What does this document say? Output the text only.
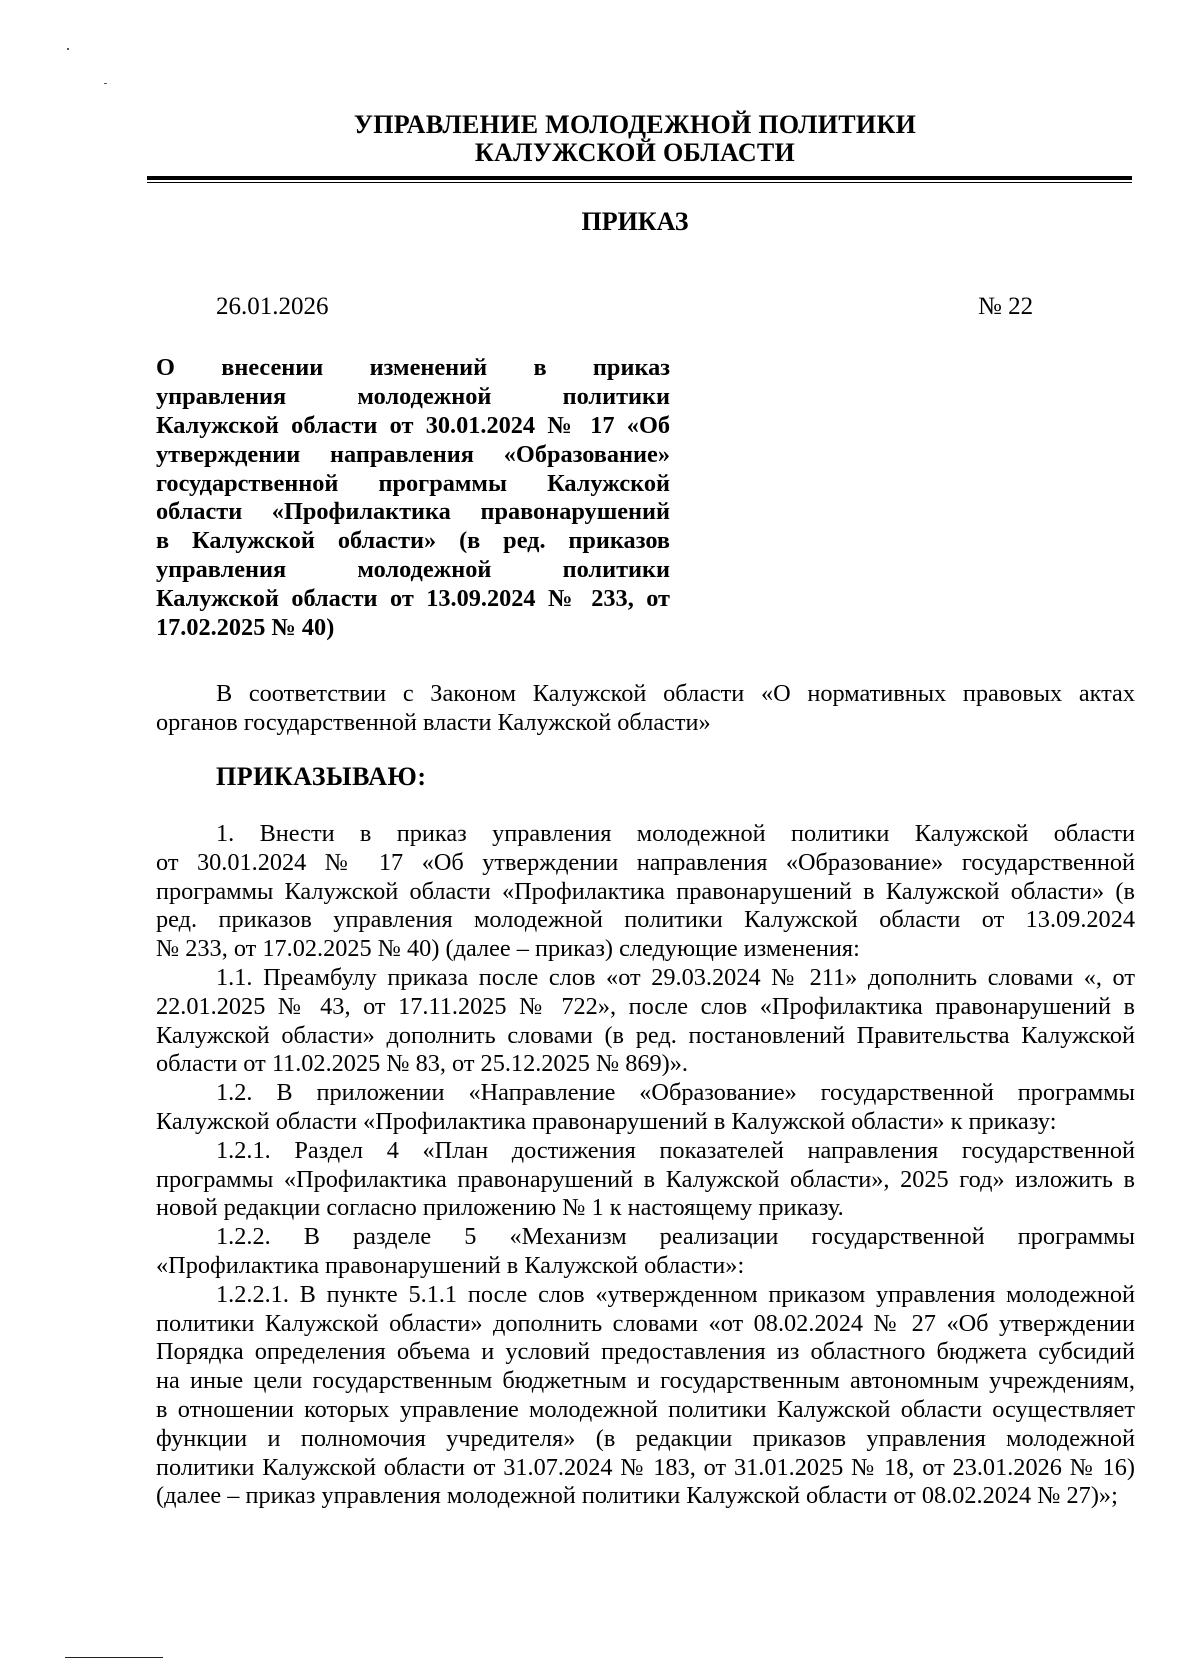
УПРАВЛЕНИЕ МОЛОДЕЖНОЙ ПОЛИТИКИ
КАЛУЖСКОЙ ОБЛАСТИ
ПРИКАЗ
26.01.2026	№ 22
О внесении изменений в приказ
управления молодежной политики
Калужской области от 30.01.2024 № 17 «Об
утверждении направления «Образование»
государственной программы Калужской
области «Профилактика правонарушений
в Калужской области» (в ред. приказов
управления молодежной политики
Калужской области от 13.09.2024 № 233, от
17.02.2025 № 40)
В соответствии с Законом Калужской области «О нормативных правовых актах
органов государственной власти Калужской области»
ПРИКАЗЫВАЮ:
1. Внести в приказ управления молодежной политики Калужской области
от 30.01.2024 № 17 «Об утверждении направления «Образование» государственной
программы Калужской области «Профилактика правонарушений в Калужской области» (в
ред. приказов управления молодежной политики Калужской области от 13.09.2024
№ 233, от 17.02.2025 № 40) (далее – приказ) следующие изменения:
1.1. Преамбулу приказа после слов «от 29.03.2024 № 211» дополнить словами «, от
22.01.2025 № 43, от 17.11.2025 № 722», после слов «Профилактика правонарушений в
Калужской области» дополнить словами (в ред. постановлений Правительства Калужской
области от 11.02.2025 № 83, от 25.12.2025 № 869)».
1.2. В приложении «Направление «Образование» государственной программы
Калужской области «Профилактика правонарушений в Калужской области» к приказу:
1.2.1. Раздел 4 «План достижения показателей направления государственной
программы «Профилактика правонарушений в Калужской области», 2025 год» изложить в
новой редакции согласно приложению № 1 к настоящему приказу.
1.2.2. В разделе 5 «Механизм реализации государственной программы
«Профилактика правонарушений в Калужской области»:
1.2.2.1. В пункте 5.1.1 после слов «утвержденном приказом управления молодежной
политики Калужской области» дополнить словами «от 08.02.2024 № 27 «Об утверждении
Порядка определения объема и условий предоставления из областного бюджета субсидий
на иные цели государственным бюджетным и государственным автономным учреждениям,
в отношении которых управление молодежной политики Калужской области осуществляет
функции и полномочия учредителя» (в редакции приказов управления молодежной
политики Калужской области от 31.07.2024 № 183, от 31.01.2025 № 18, от 23.01.2026 № 16)
(далее – приказ управления молодежной политики Калужской области от 08.02.2024 № 27)»;
